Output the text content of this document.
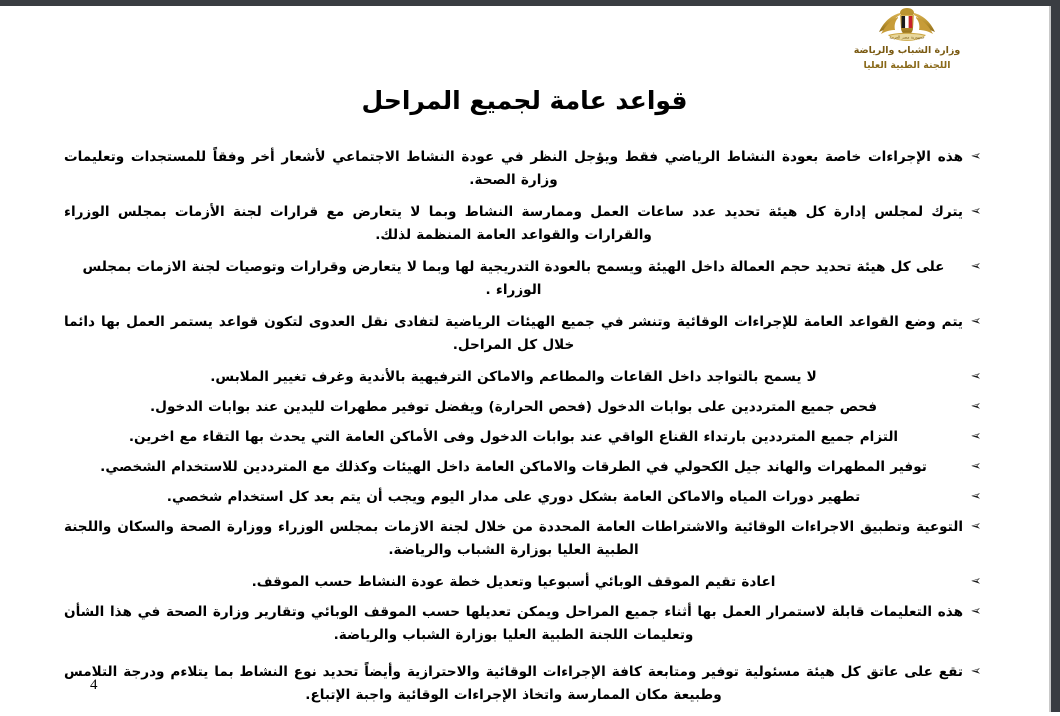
جمهورية مصر العربية
وزارة الشباب والرياضة
اللجنة الطبية العليا
قواعد عامة لجميع المراحل
➢
هذه الإجراءات خاصة بعودة النشاط الرياضي فقط ويؤجل النظر في عودة النشاط الاجتماعي لأشعار أخر وفقاً للمستجدات وتعليمات وزارة الصحة.
➢
يترك لمجلس إدارة كل هيئة تحديد عدد ساعات العمل وممارسة النشاط وبما لا يتعارض مع قرارات لجنة الأزمات بمجلس الوزراء والقرارات والقواعد العامة المنظمة لذلك.
➢
على كل هيئة تحديد حجم العمالة داخل الهيئة ويسمح بالعودة التدريجية لها وبما لا يتعارض وقرارات وتوصيات لجنة الازمات بمجلس الوزراء .
➢
يتم وضع القواعد العامة للإجراءات الوقائية وتنشر في جميع الهيئات الرياضية لتفادى نقل العدوى لتكون قواعد يستمر العمل بها دائما خلال كل المراحل.
➢
لا يسمح بالتواجد داخل القاعات والمطاعم والاماكن الترفيهية بالأندية وغرف تغيير الملابس.
➢
فحص جميع المترددين على بوابات الدخول (فحص الحرارة) ويفضل توفير مطهرات لليدين عند بوابات الدخول.
➢
التزام جميع المترددين بارتداء القناع الواقي عند بوابات الدخول وفى الأماكن العامة التي يحدث بها التقاء مع اخرين.
➢
توفير المطهرات والهاند جيل الكحولي في الطرقات والاماكن العامة داخل الهيئات وكذلك مع المترددين للاستخدام الشخصي.
➢
تطهير دورات المياه والاماكن العامة بشكل دوري على مدار اليوم ويجب أن يتم بعد كل استخدام شخصي.
➢
التوعية وتطبيق الاجراءات الوقائية والاشتراطات العامة المحددة من خلال لجنة الازمات بمجلس الوزراء ووزارة الصحة والسكان واللجنة الطبية العليا بوزارة الشباب والرياضة.
➢
اعادة تقيم الموقف الوبائي أسبوعيا وتعديل خطة عودة النشاط حسب الموقف.
➢
هذه التعليمات قابلة لاستمرار العمل بها أثناء جميع المراحل ويمكن تعديلها حسب الموقف الوبائي وتقارير وزارة الصحة في هذا الشأن وتعليمات اللجنة الطبية العليا بوزارة الشباب والرياضة.
➢
تقع على عاتق كل هيئة مسئولية توفير ومتابعة كافة الإجراءات الوقائية والاحترازية وأيضاً تحديد نوع النشاط بما يتلاءم ودرجة التلامس وطبيعة مكان الممارسة واتخاذ الإجراءات الوقائية واجبة الإتباع.
4
